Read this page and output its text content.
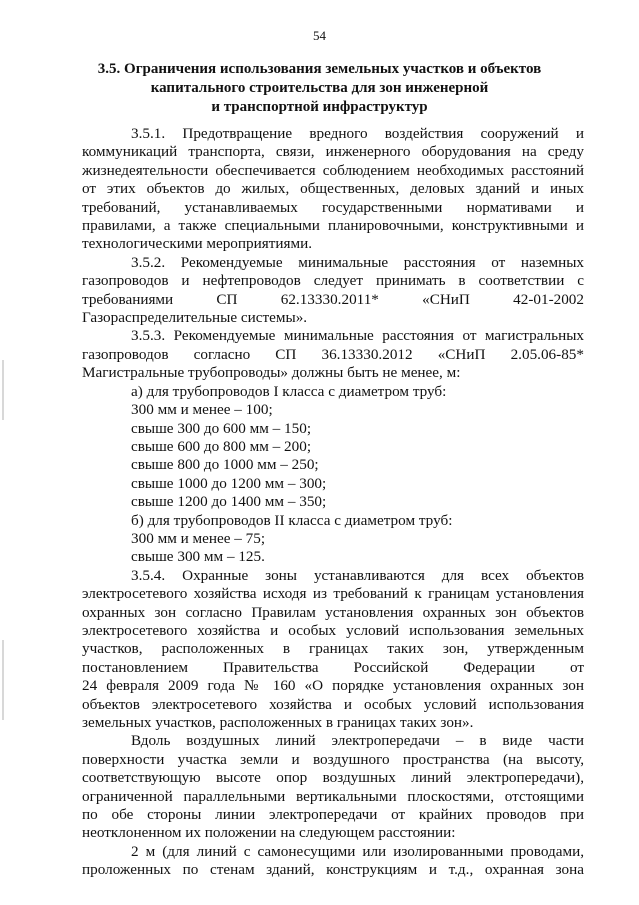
54
3.5. Ограничения использования земельных участков и объектов
капитального строительства для зон инженерной
и транспортной инфраструктур
3.5.1. Предотвращение вредного воздействия сооружений и
коммуникаций транспорта, связи, инженерного оборудования на среду
жизнедеятельности обеспечивается соблюдением необходимых расстояний
от этих объектов до жилых, общественных, деловых зданий и иных
требований, устанавливаемых государственными нормативами и
правилами, а также специальными планировочными, конструктивными и
технологическими мероприятиями.
3.5.2. Рекомендуемые минимальные расстояния от наземных
газопроводов и нефтепроводов следует принимать в соответствии с
требованиями СП 62.13330.2011* «СНиП 42-01-2002
Газораспределительные системы».
3.5.3. Рекомендуемые минимальные расстояния от магистральных
газопроводов согласно СП 36.13330.2012 «СНиП 2.05.06-85*
Магистральные трубопроводы» должны быть не менее, м:
а) для трубопроводов I класса с диаметром труб:
300 мм и менее – 100;
свыше 300 до 600 мм – 150;
свыше 600 до 800 мм – 200;
свыше 800 до 1000 мм – 250;
свыше 1000 до 1200 мм – 300;
свыше 1200 до 1400 мм – 350;
б) для трубопроводов II класса с диаметром труб:
300 мм и менее – 75;
свыше 300 мм – 125.
3.5.4. Охранные зоны устанавливаются для всех объектов
электросетевого хозяйства исходя из требований к границам установления
охранных зон согласно Правилам установления охранных зон объектов
электросетевого хозяйства и особых условий использования земельных
участков, расположенных в границах таких зон, утвержденным
постановлением Правительства Российской Федерации от
24 февраля 2009 года № 160 «О порядке установления охранных зон
объектов электросетевого хозяйства и особых условий использования
земельных участков, расположенных в границах таких зон».
Вдоль воздушных линий электропередачи – в виде части
поверхности участка земли и воздушного пространства (на высоту,
соответствующую высоте опор воздушных линий электропередачи),
ограниченной параллельными вертикальными плоскостями, отстоящими
по обе стороны линии электропередачи от крайних проводов при
неотклоненном их положении на следующем расстоянии:
2 м (для линий с самонесущими или изолированными проводами,
проложенных по стенам зданий, конструкциям и т.д., охранная зона
